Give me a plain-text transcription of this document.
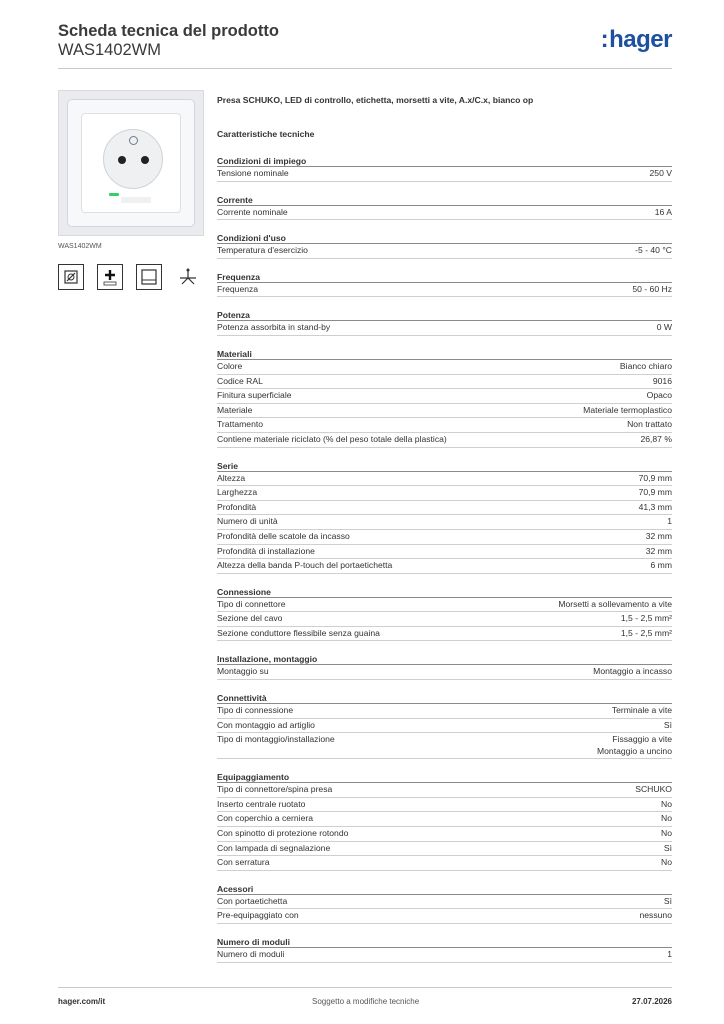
Scheda tecnica del prodotto
WAS1402WM	:hager
WAS1402WM
Presa SCHUKO, LED di controllo, etichetta, morsetti a vite, A.x/C.x, bianco op
Caratteristiche tecniche
Condizioni di impiego
Tensione nominale	250 V
Corrente
Corrente nominale	16 A
Condizioni d'uso
Temperatura d'esercizio	-5 - 40 °C
Frequenza
Frequenza	50 - 60 Hz
Potenza
Potenza assorbita in stand-by	0 W
Materiali
Colore	Bianco chiaro
Codice RAL	9016
Finitura superficiale	Opaco
Materiale	Materiale termoplastico
Trattamento	Non trattato
Contiene materiale riciclato (% del peso totale della plastica)	26,87 %
Serie
Altezza	70,9 mm
Larghezza	70,9 mm
Profondità	41,3 mm
Numero di unità	1
Profondità delle scatole da incasso	32 mm
Profondità di installazione	32 mm
Altezza della banda P-touch del portaetichetta	6 mm
Connessione
Tipo di connettore	Morsetti a sollevamento a vite
Sezione del cavo	1,5 - 2,5 mm²
Sezione conduttore flessibile senza guaina	1,5 - 2,5 mm²
Installazione, montaggio
Montaggio su	Montaggio a incasso
Connettività
Tipo di connessione	Terminale a vite
Con montaggio ad artiglio	Sì
Tipo di montaggio/installazione	Fissaggio a vite
Montaggio a uncino
Equipaggiamento
Tipo di connettore/spina presa	SCHUKO
Inserto centrale ruotato	No
Con coperchio a cerniera	No
Con spinotto di protezione rotondo	No
Con lampada di segnalazione	Sì
Con serratura	No
Acessori
Con portaetichetta	Sì
Pre-equipaggiato con	nessuno
Numero di moduli
Numero di moduli	1
hager.com/it	Soggetto a modifiche tecniche	27.07.2026
